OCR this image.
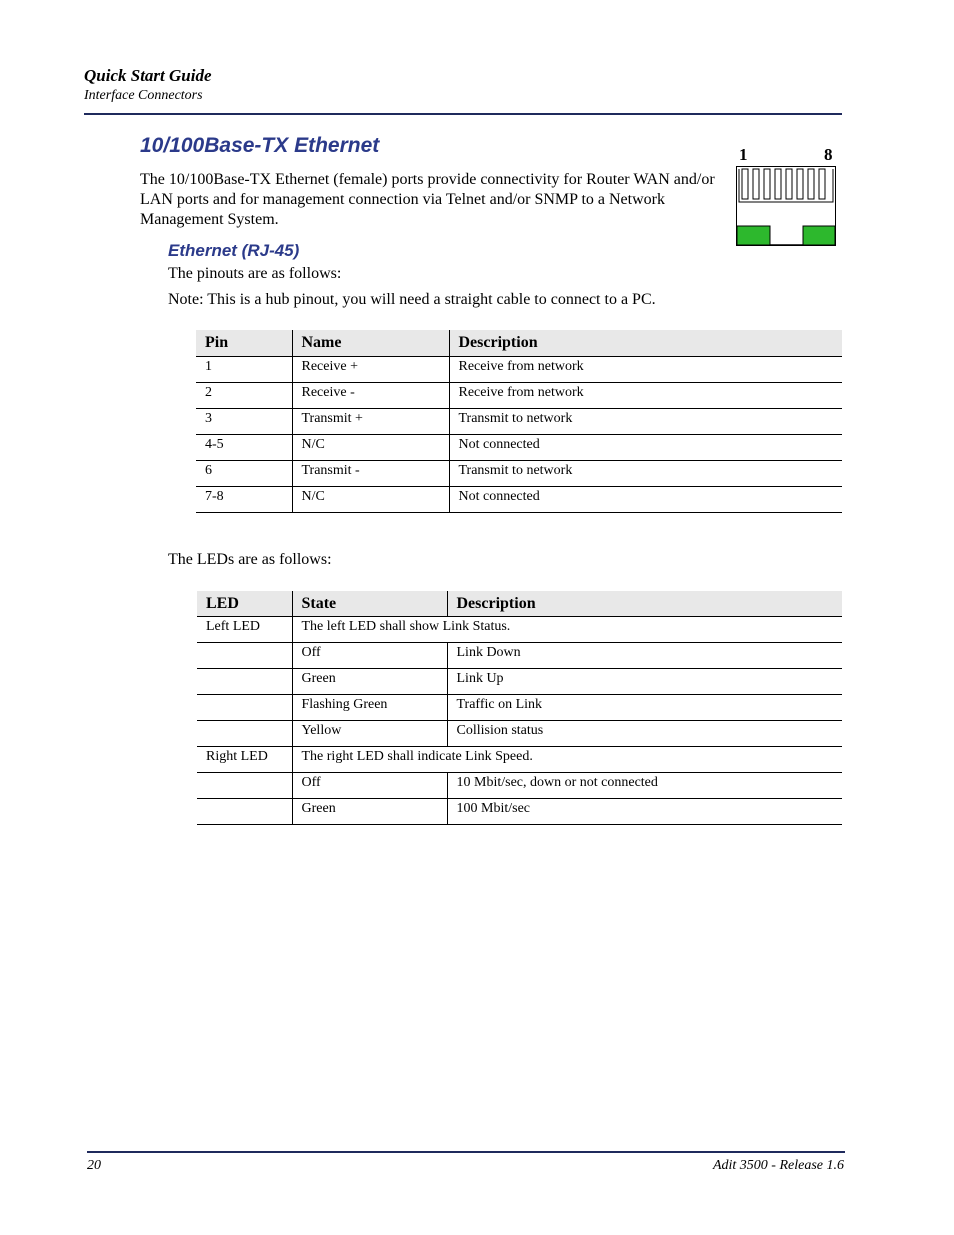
Quick Start Guide
Interface Connectors
10/100Base-TX Ethernet
The 10/100Base-TX Ethernet (female) ports provide connectivity for Router WAN and/or LAN ports and for management connection via Telnet and/or SNMP to a Network Management System.
1	8
Ethernet (RJ-45)
The pinouts are as follows:
Note: This is a hub pinout, you will need a straight cable to connect to a PC.
Pin	Name	Description
1	Receive +	Receive from network
2	Receive -	Receive from network
3	Transmit +	Transmit to network
4-5	N/C	Not connected
6	Transmit -	Transmit to network
7-8	N/C	Not connected
The LEDs are as follows:
LED	State	Description
Left LED	The left LED shall show Link Status.	
	Off	Link Down
	Green	Link Up
	Flashing Green	Traffic on Link
	Yellow	Collision status
Right LED	The right LED shall indicate Link Speed.	
	Off	10 Mbit/sec, down or not connected
	Green	100 Mbit/sec
20	Adit 3500 - Release 1.6
